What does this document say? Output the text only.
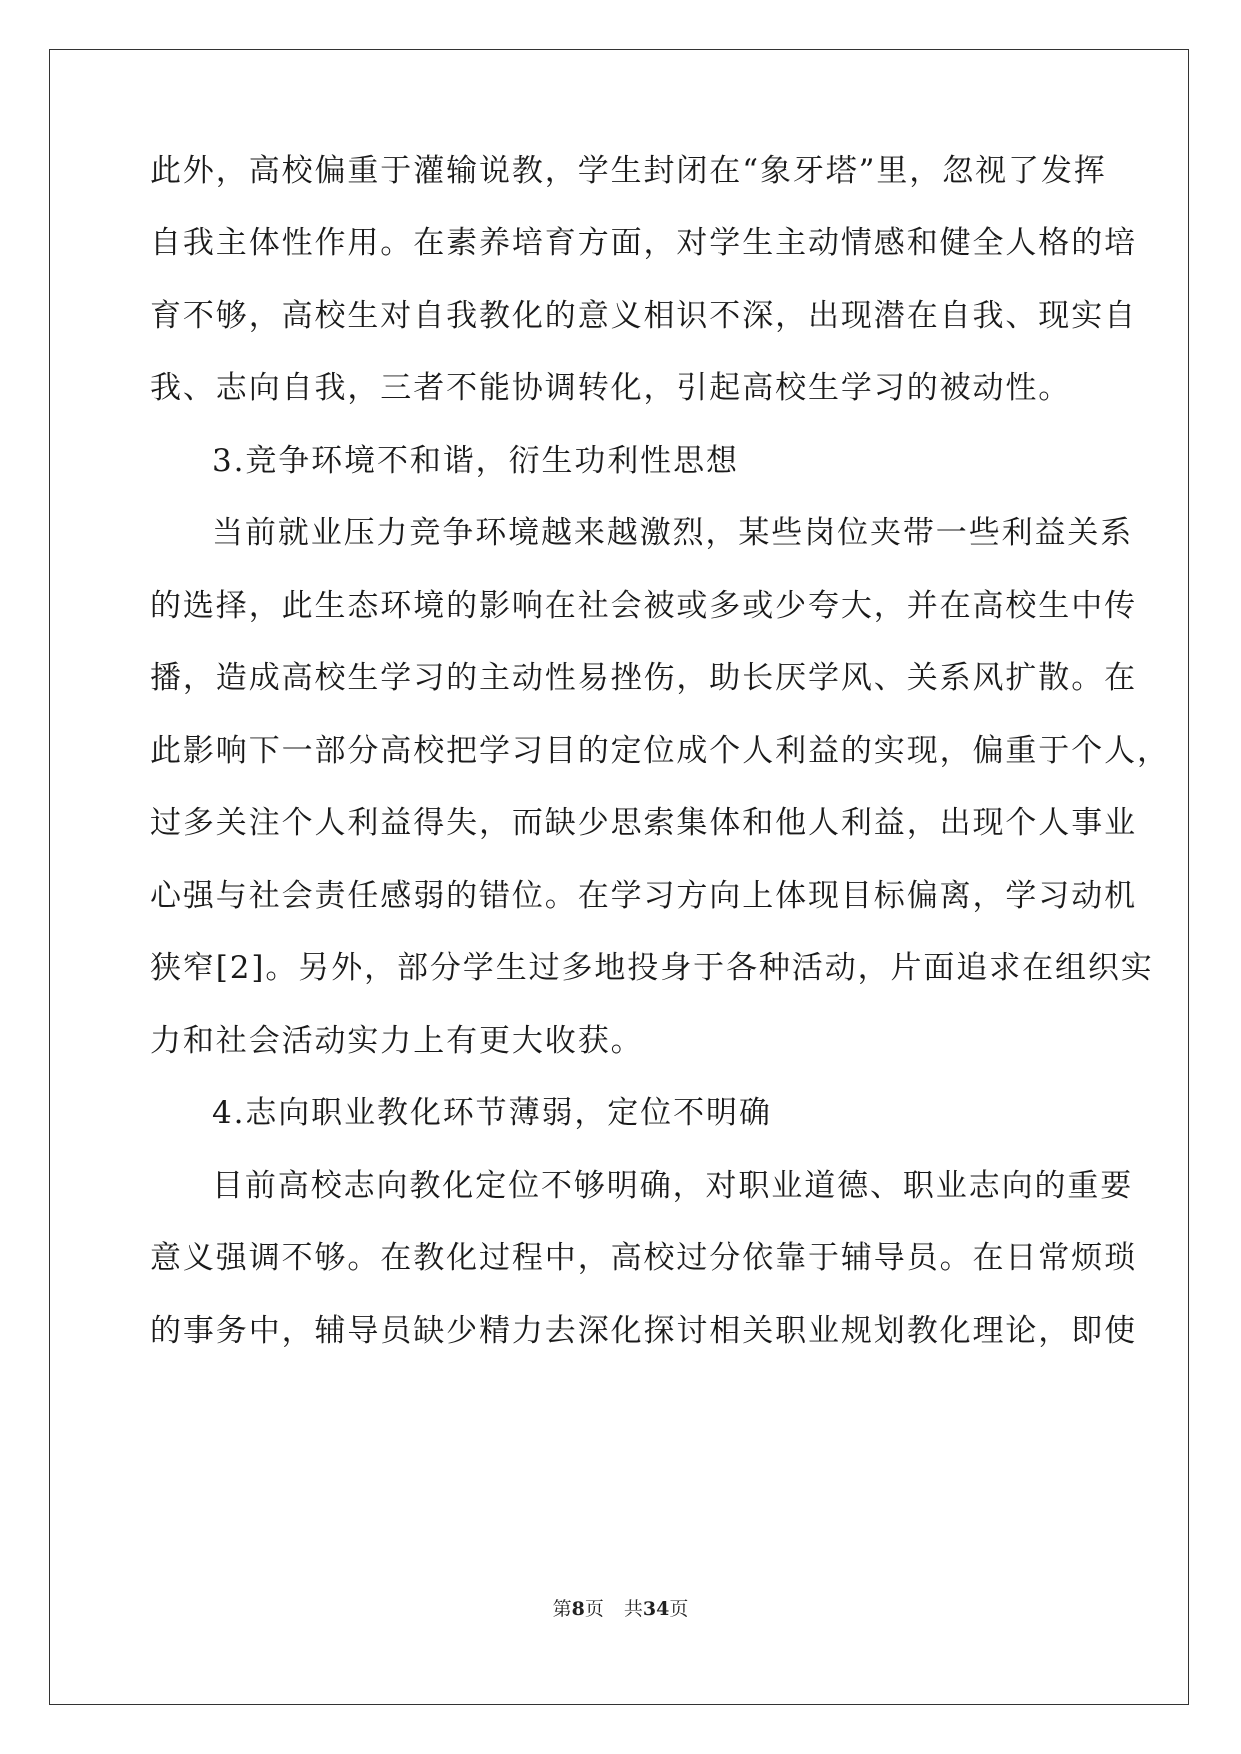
此外，高校偏重于灌输说教，学生封闭在“象牙塔”里，忽视了发挥
自我主体性作用。在素养培育方面，对学生主动情感和健全人格的培
育不够，高校生对自我教化的意义相识不深，出现潜在自我、现实自
我、志向自我，三者不能协调转化，引起高校生学习的被动性。
3.竞争环境不和谐，衍生功利性思想
当前就业压力竞争环境越来越激烈，某些岗位夹带一些利益关系
的选择，此生态环境的影响在社会被或多或少夸大，并在高校生中传
播，造成高校生学习的主动性易挫伤，助长厌学风、关系风扩散。在
此影响下一部分高校把学习目的定位成个人利益的实现，偏重于个人，
过多关注个人利益得失，而缺少思索集体和他人利益，出现个人事业
心强与社会责任感弱的错位。在学习方向上体现目标偏离，学习动机
狭窄[2]。另外，部分学生过多地投身于各种活动，片面追求在组织实
力和社会活动实力上有更大收获。
4.志向职业教化环节薄弱，定位不明确
目前高校志向教化定位不够明确，对职业道德、职业志向的重要
意义强调不够。在教化过程中，高校过分依靠于辅导员。在日常烦琐
的事务中，辅导员缺少精力去深化探讨相关职业规划教化理论，即使
第8页 共34页
